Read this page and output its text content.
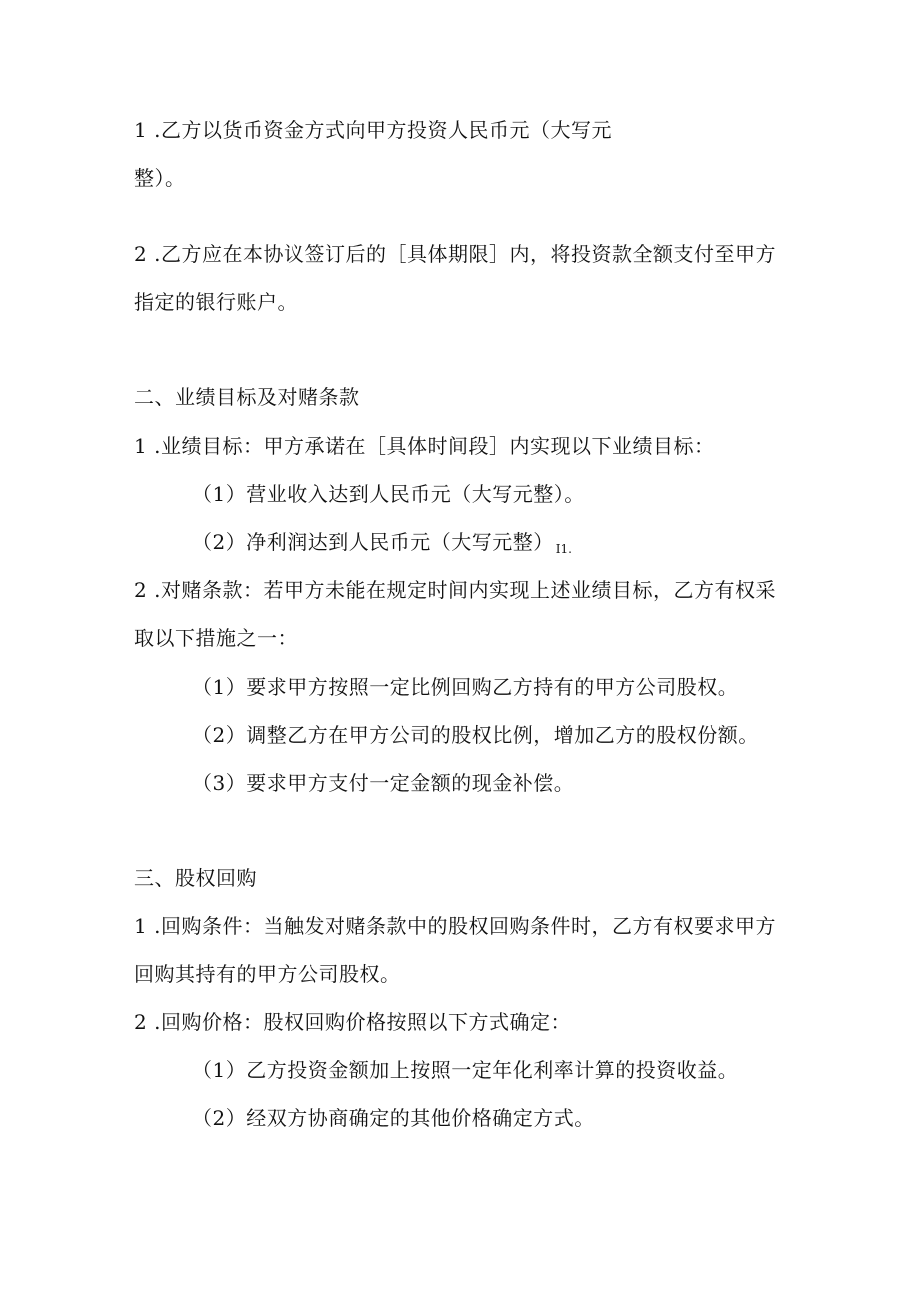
1 .乙方以货币资金方式向甲方投资人民币元（大写元
整）。
2 .乙方应在本协议签订后的［具体期限］内，将投资款全额支付至甲方
指定的银行账户。
二、业绩目标及对赌条款
1 .业绩目标：甲方承诺在［具体时间段］内实现以下业绩目标：
（1）营业收入达到人民币元（大写元整）。
（2）净利润达到人民币元（大写元整） $_{I1.}$
2 .对赌条款：若甲方未能在规定时间内实现上述业绩目标，乙方有权采
取以下措施之一：
（1）要求甲方按照一定比例回购乙方持有的甲方公司股权。
（2）调整乙方在甲方公司的股权比例，增加乙方的股权份额。
（3）要求甲方支付一定金额的现金补偿。
三、股权回购
1 .回购条件：当触发对赌条款中的股权回购条件时，乙方有权要求甲方
回购其持有的甲方公司股权。
2 .回购价格：股权回购价格按照以下方式确定：
（1）乙方投资金额加上按照一定年化利率计算的投资收益。
（2）经双方协商确定的其他价格确定方式。
